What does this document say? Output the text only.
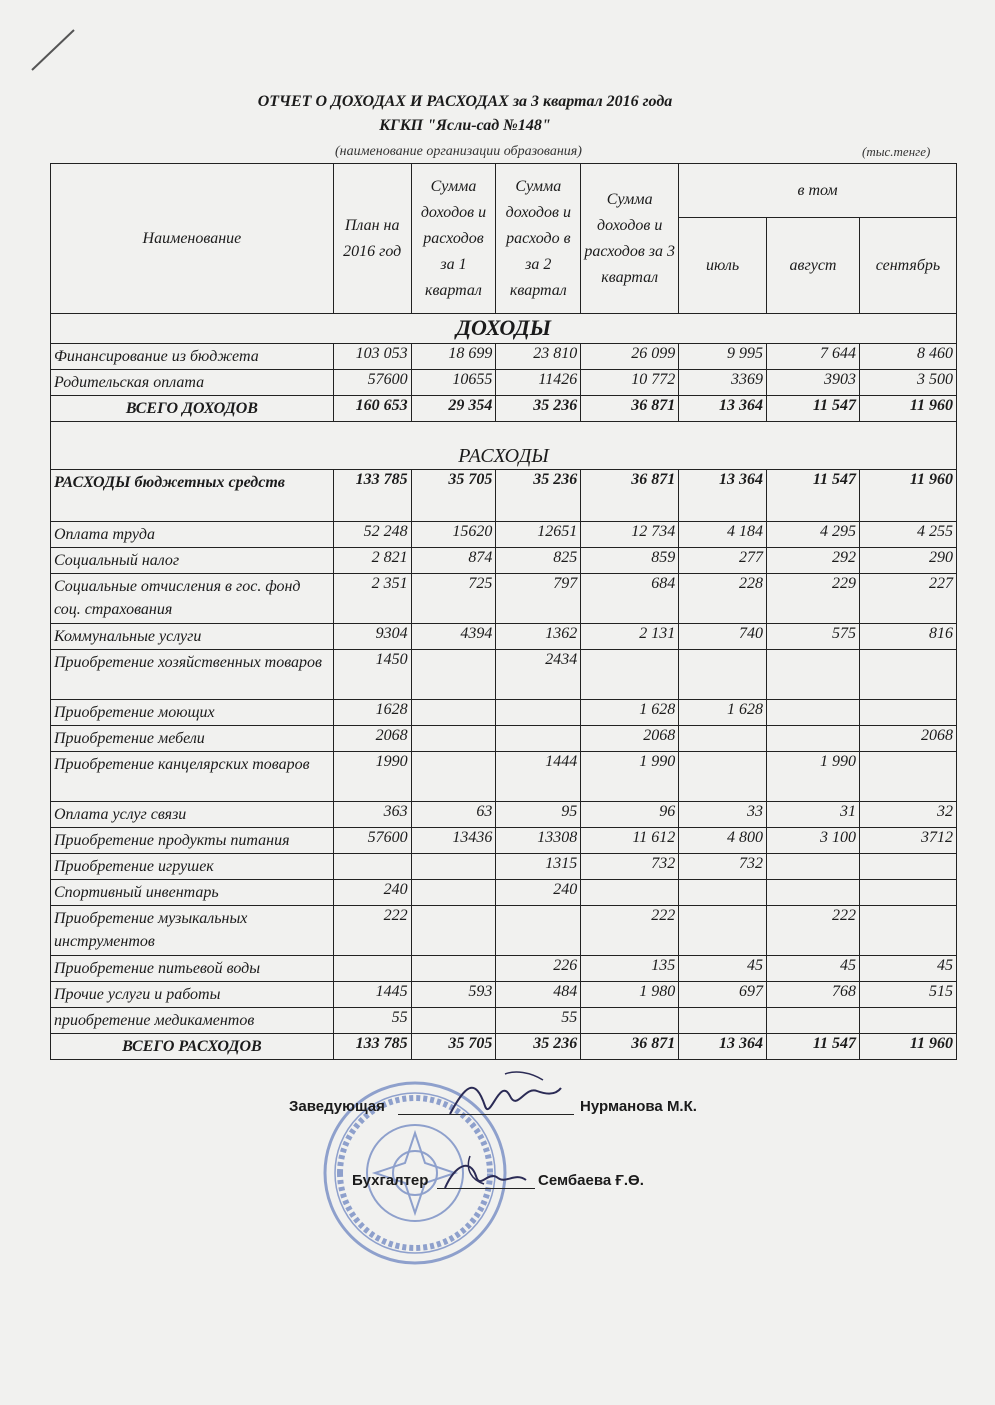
ОТЧЕТ О ДОХОДАХ И РАСХОДАХ за 3 квартал 2016 года
КГКП "Ясли-сад №148"
(наименование организации образования)	(тыс.тенге)
Наименование	План на 2016 год	Сумма доходов и расходов за 1 квартал	Сумма доходов и расходо в за 2 квартал	Сумма доходов и расходов за 3 квартал	в том		
					июль	август	сентябрь
ДОХОДЫ							
Финансирование из бюджета	103 053	18 699	23 810	26 099	9 995	7 644	8 460
Родительская оплата	57600	10655	11426	10 772	3369	3903	3 500
ВСЕГО ДОХОДОВ	160 653	29 354	35 236	36 871	13 364	11 547	11 960
РАСХОДЫ							
РАСХОДЫ бюджетных средств	133 785	35 705	35 236	36 871	13 364	11 547	11 960
Оплата труда	52 248	15620	12651	12 734	4 184	4 295	4 255
Социальный налог	2 821	874	825	859	277	292	290
Социальные отчисления в гос. фонд соц. страхования	2 351	725	797	684	228	229	227
Коммунальные услуги	9304	4394	1362	2 131	740	575	816
Приобретение хозяйственных товаров	1450		2434				
Приобретение моющих	1628			1 628	1 628		
Приобретение мебели	2068			2068			2068
Приобретение канцелярских товаров	1990		1444	1 990		1 990	
Оплата услуг связи	363	63	95	96	33	31	32
Приобретение продукты питания	57600	13436	13308	11 612	4 800	3 100	3712
Приобретение игрушек			1315	732	732		
Спортивный инвентарь	240		240				
Приобретение музыкальных инструментов	222			222		222	
Приобретение питьевой воды			226	135	45	45	45
Прочие услуги и работы	1445	593	484	1 980	697	768	515
приобретение медикаментов	55		55				
ВСЕГО РАСХОДОВ	133 785	35 705	35 236	36 871	13 364	11 547	11 960
Заведующая	Нурманова М.К.
Бухгалтер	Сембаева Ғ.Ө.
